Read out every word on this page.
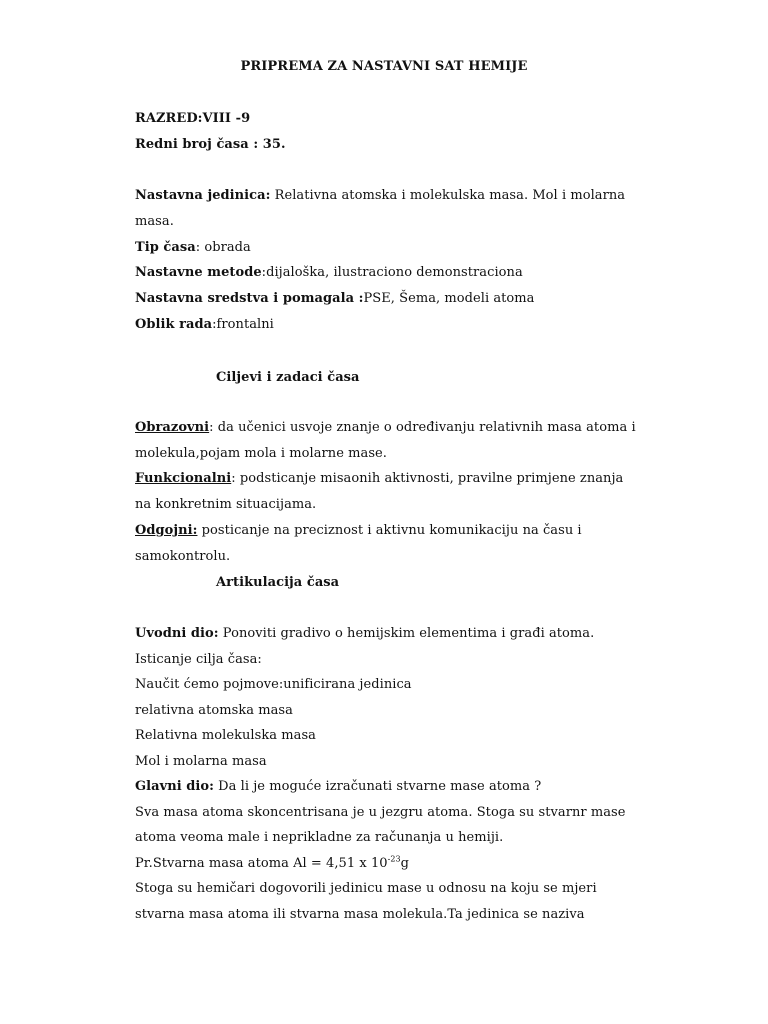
PRIPREMA ZA NASTAVNI SAT HEMIJE
RAZRED:VIII -9
Redni broj časa : 35.
Nastavna jedinica: Relativna atomska i molekulska masa. Mol i molarna
masa.
Tip časa: obrada
Nastavne metode:dijaloška, ilustraciono demonstraciona
Nastavna sredstva i pomagala :PSE, Šema, modeli atoma
Oblik rada:frontalni
Ciljevi i zadaci časa
Obrazovni: da učenici usvoje znanje o određivanju relativnih masa atoma i
molekula,pojam mola i molarne mase.
Funkcionalni: podsticanje misaonih aktivnosti, pravilne primjene znanja
na konkretnim situacijama.
Odgojni: posticanje na preciznost i aktivnu komunikaciju na času i
samokontrolu.
Artikulacija časa
Uvodni dio: Ponoviti gradivo o hemijskim elementima i građi atoma.
Isticanje cilja časa:
Naučit ćemo pojmove:unificirana jedinica
relativna atomska masa
Relativna molekulska masa
Mol i molarna masa
Glavni dio: Da li je moguće izračunati stvarne mase atoma ?
Sva masa atoma skoncentrisana je u jezgru atoma. Stoga su stvarnr mase
atoma veoma male i neprikladne za računanja u hemiji.
Pr.Stvarna masa atoma Al = 4,51 x $10^{-23}g$
Stoga su hemičari dogovorili jedinicu mase u odnosu na koju se mjeri
stvarna masa atoma ili stvarna masa molekula.Ta jedinica se naziva
